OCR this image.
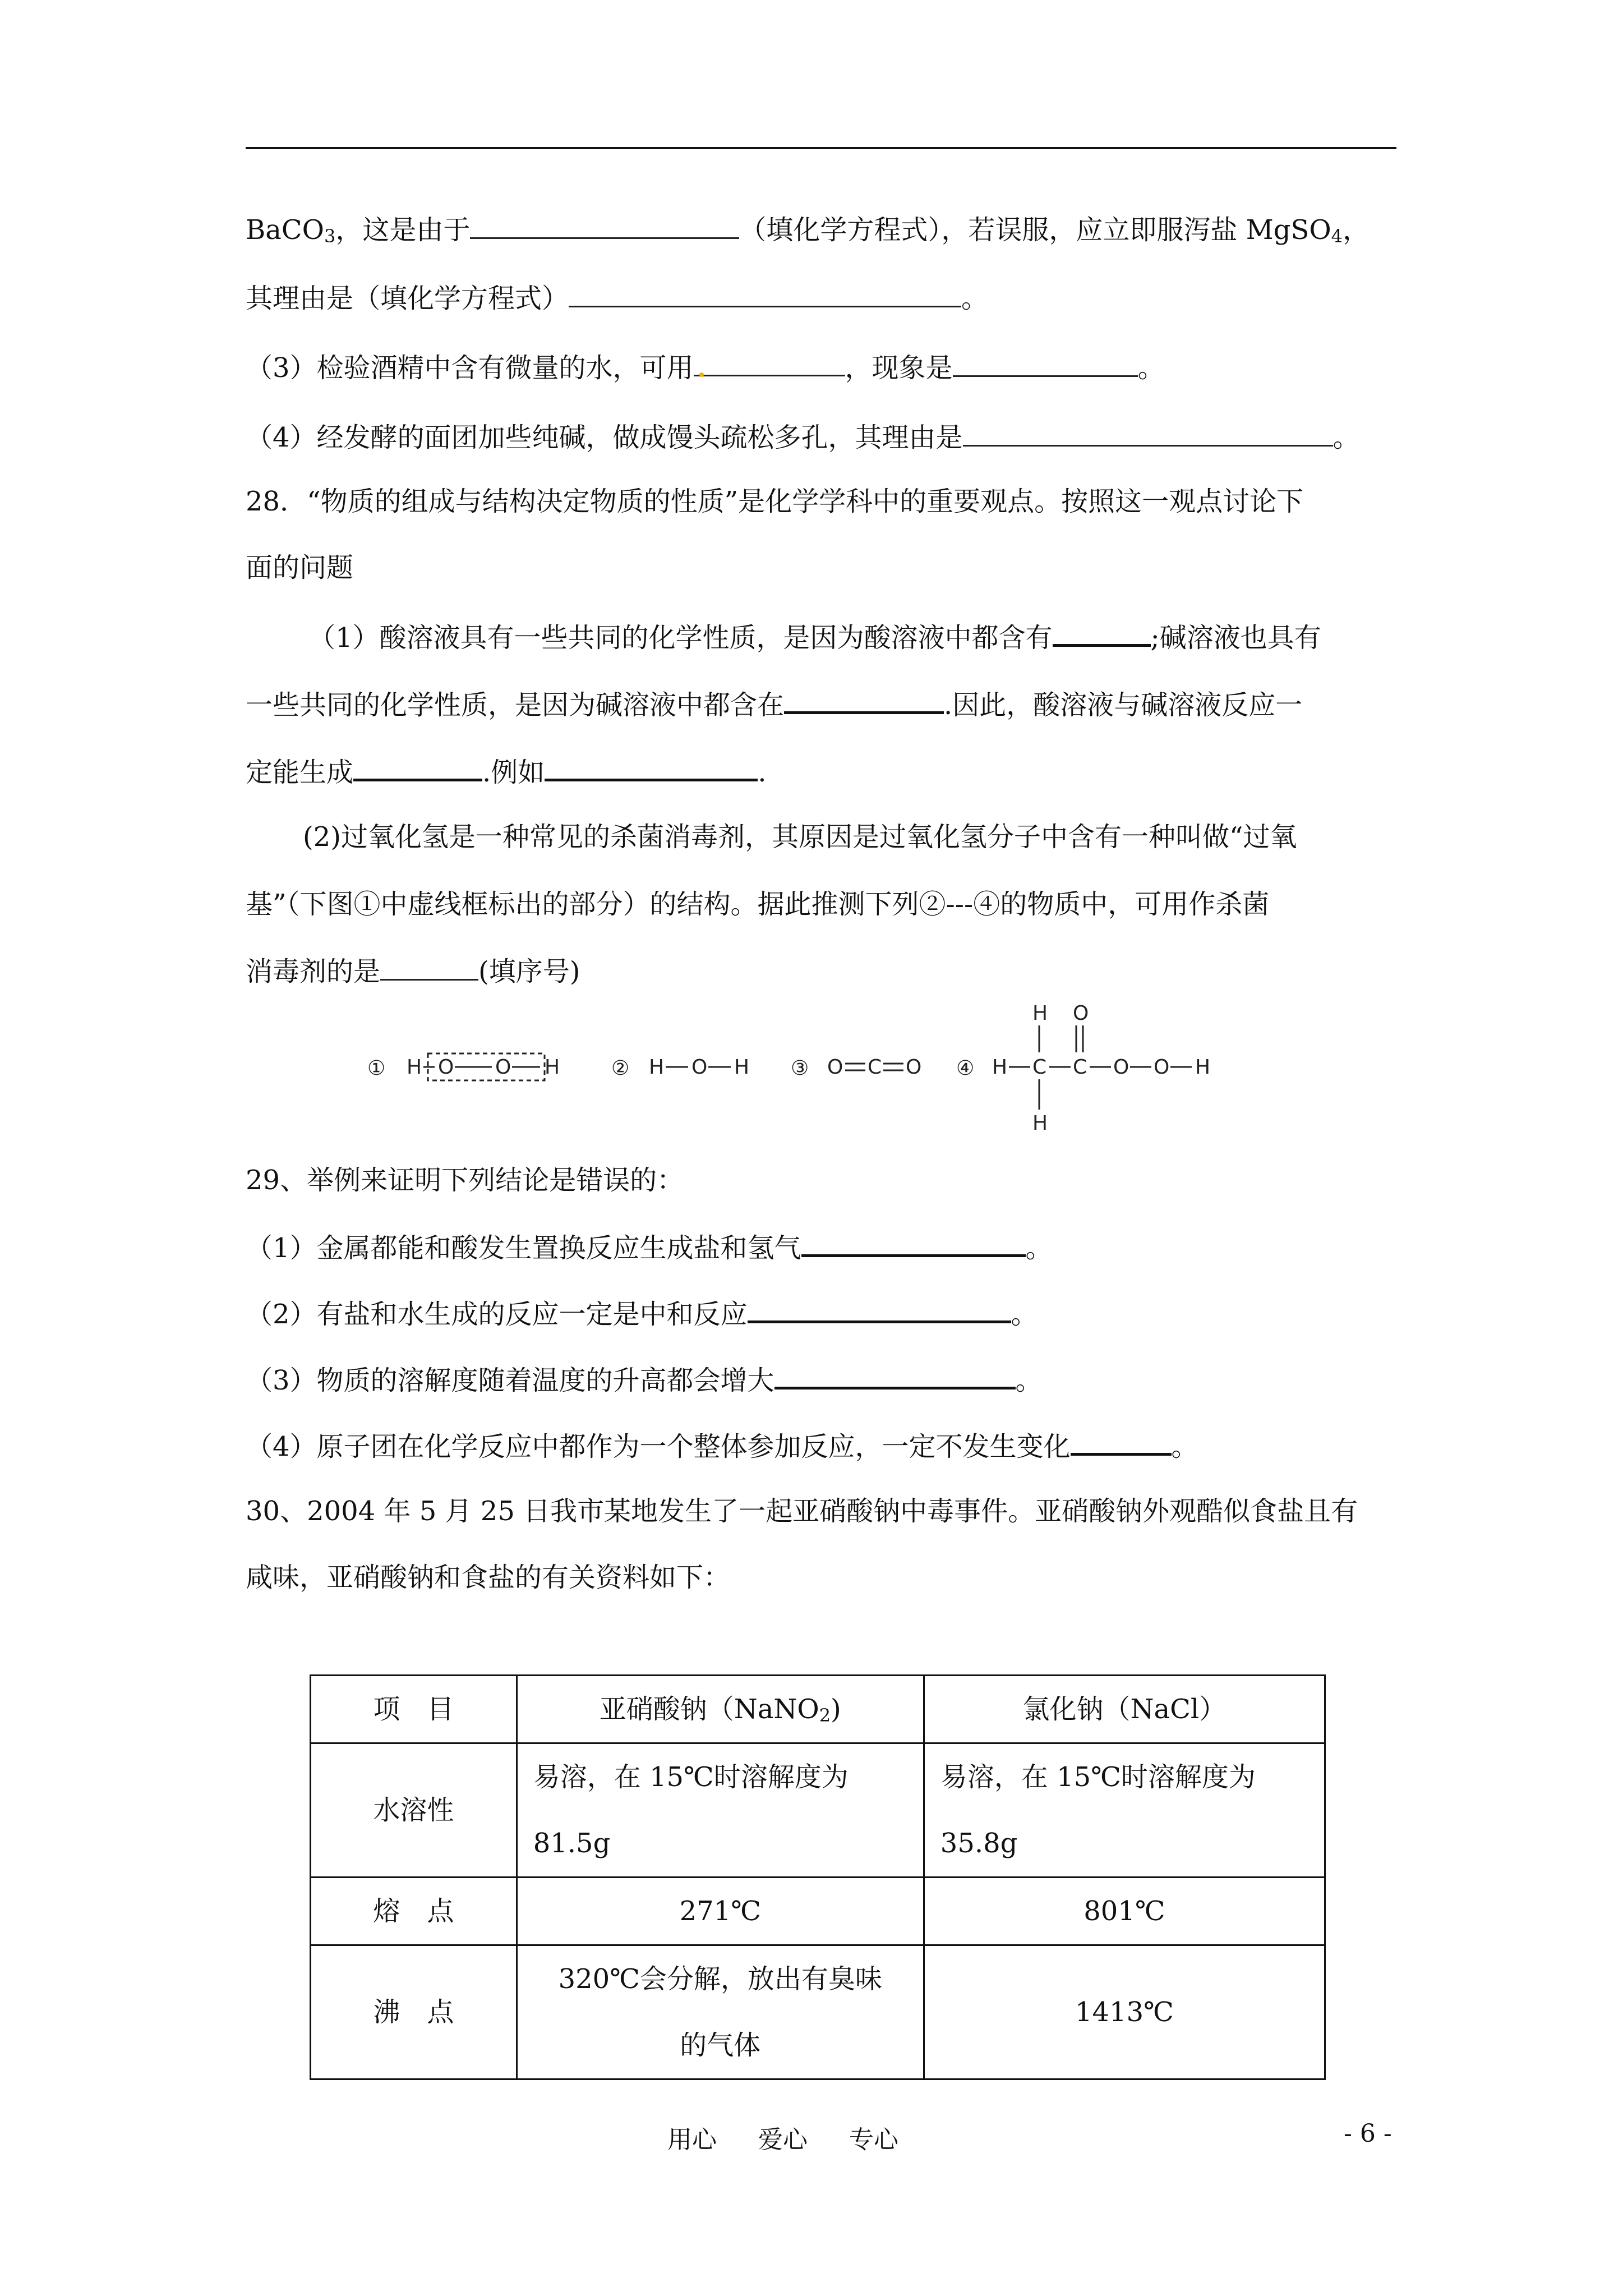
BaCO$_3$，这是由于	（填化学方程式），若误服，应立即服泻盐 MgSO$_4$，
其理由是（填化学方程式）	。
（3）检验酒精中含有微量的水，可用	，现象是	。
（4）经发酵的面团加些纯碱，做成馒头疏松多孔，其理由是	。
28．“物质的组成与结构决定物质的性质”是化学学科中的重要观点。按照这一观点讨论下
面的问题
（1）酸溶液具有一些共同的化学性质，是因为酸溶液中都含有	;碱溶液也具有
一些共同的化学性质，是因为碱溶液中都含在	.因此，酸溶液与碱溶液反应一
定能生成	.例如	.
(2)过氧化氢是一种常见的杀菌消毒剂，其原因是过氧化氢分子中含有一种叫做“过氧
基”（下图①中虚线框标出的部分）的结构。据此推测下列②---④的物质中，可用作杀菌
消毒剂的是	(填序号)
① H O O H	② H O H ③ O C O ④ H C
H
H
C
O
O O H
29、举例来证明下列结论是错误的：
（1）金属都能和酸发生置换反应生成盐和氢气	。
（2）有盐和水生成的反应一定是中和反应	。
（3）物质的溶解度随着温度的升高都会增大	。
（4）原子团在化学反应中都作为一个整体参加反应，一定不发生变化	。
30、2004 年 5 月 25 日我市某地发生了一起亚硝酸钠中毒事件。亚硝酸钠外观酷似食盐且有
咸味，亚硝酸钠和食盐的有关资料如下：
项　目	亚硝酸钠（NaNO$_2$)	氯化钠（NaCl）
水溶性	易溶，在 15℃时溶解度为 81.5g	易溶，在 15℃时溶解度为
35.8g

熔　点	271℃	801℃
沸　点	320℃会分解，放出有臭味
的气体	1413℃
用心 爱心 专心	- 6 -
